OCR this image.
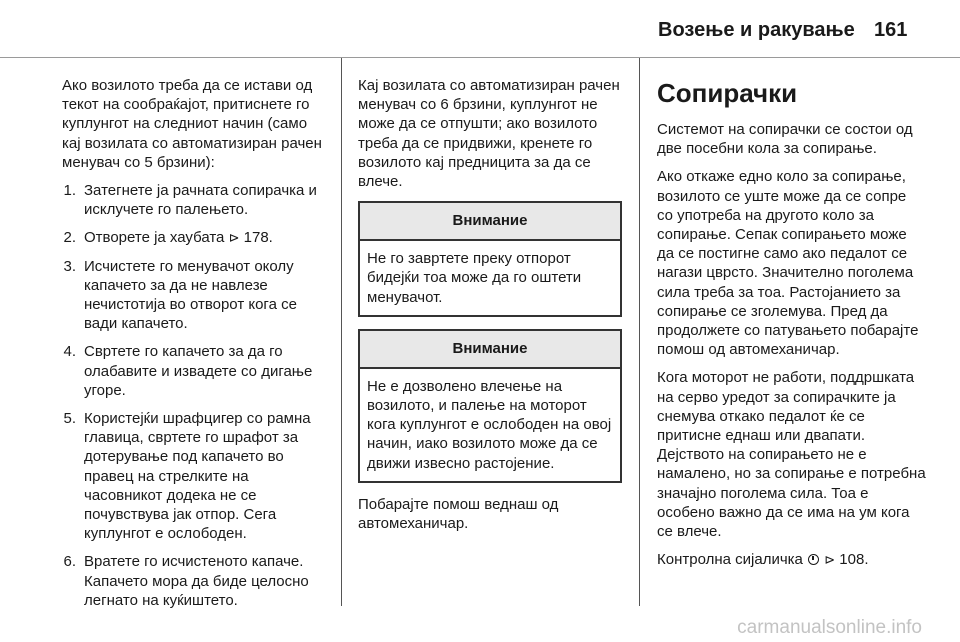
Возење и ракување 161

Ако возилото треба да се истави од текот на сообраќајот, притиснете го куплунгот на следниот начин (само кај возилата со автоматизиран рачен менувач со 5 брзини):

1. Затегнете ја рачната сопирачка и исклучете го палењето.
2. Отворете ја хаубата ⊳ 178.
3. Исчистете го менувачот околу капачето за да не навлезе нечистотија во отворот кога се вади капачето.
4. Свртете го капачето за да го олабавите и извадете со дигање угоре.
5. Користејќи шрафцигер со рамна главица, свртете го шрафот за дотерување под капачето во правец на стрелките на часовникот додека не се почувствува јак отпор. Сега куплунгот е ослободен.
6. Вратете го исчистеното капаче. Капачето мора да биде целосно легнато на куќиштето.

Кај возилата со автоматизиран рачен менувач со 6 брзини, куплунгот не може да се отпушти; ако возилото треба да се придвижи, кренете го возилото кај предницита за да се влече.

Внимание
Не го завртете преку отпорот бидејќи тоа може да го оштети менувачот.
Внимание
Не е дозволено влечење на возилото, и палење на моторот кога куплунгот е ослободен на овој начин, иако возилото може да се движи извесно растојение.

Побарајте помош веднаш од автомеханичар.

Сопирачки

Системот на сопирачки се состои од две посебни кола за сопирање.

Ако откаже едно коло за сопирање, возилото се уште може да се сопре со употреба на другото коло за сопирање. Сепак сопирањето може да се постигне само ако педалот се нагази цврсто. Значително поголема сила треба за тоа. Растојанието за сопирање се зголемува. Пред да продолжете со патувањето побарајте помош од автомеханичар.

Кога моторот не работи, поддршката на серво уредот за сопирачките ја снемува откако педалот ќе се притисне еднаш или двапати. Дејството на сопирањето не е намалено, но за сопирање е потребна значајно поголема сила. Тоа е особено важно да се има на ум кога се влече.

Контролна сијаличка ⊳ 108.

carmanualsonline.info
